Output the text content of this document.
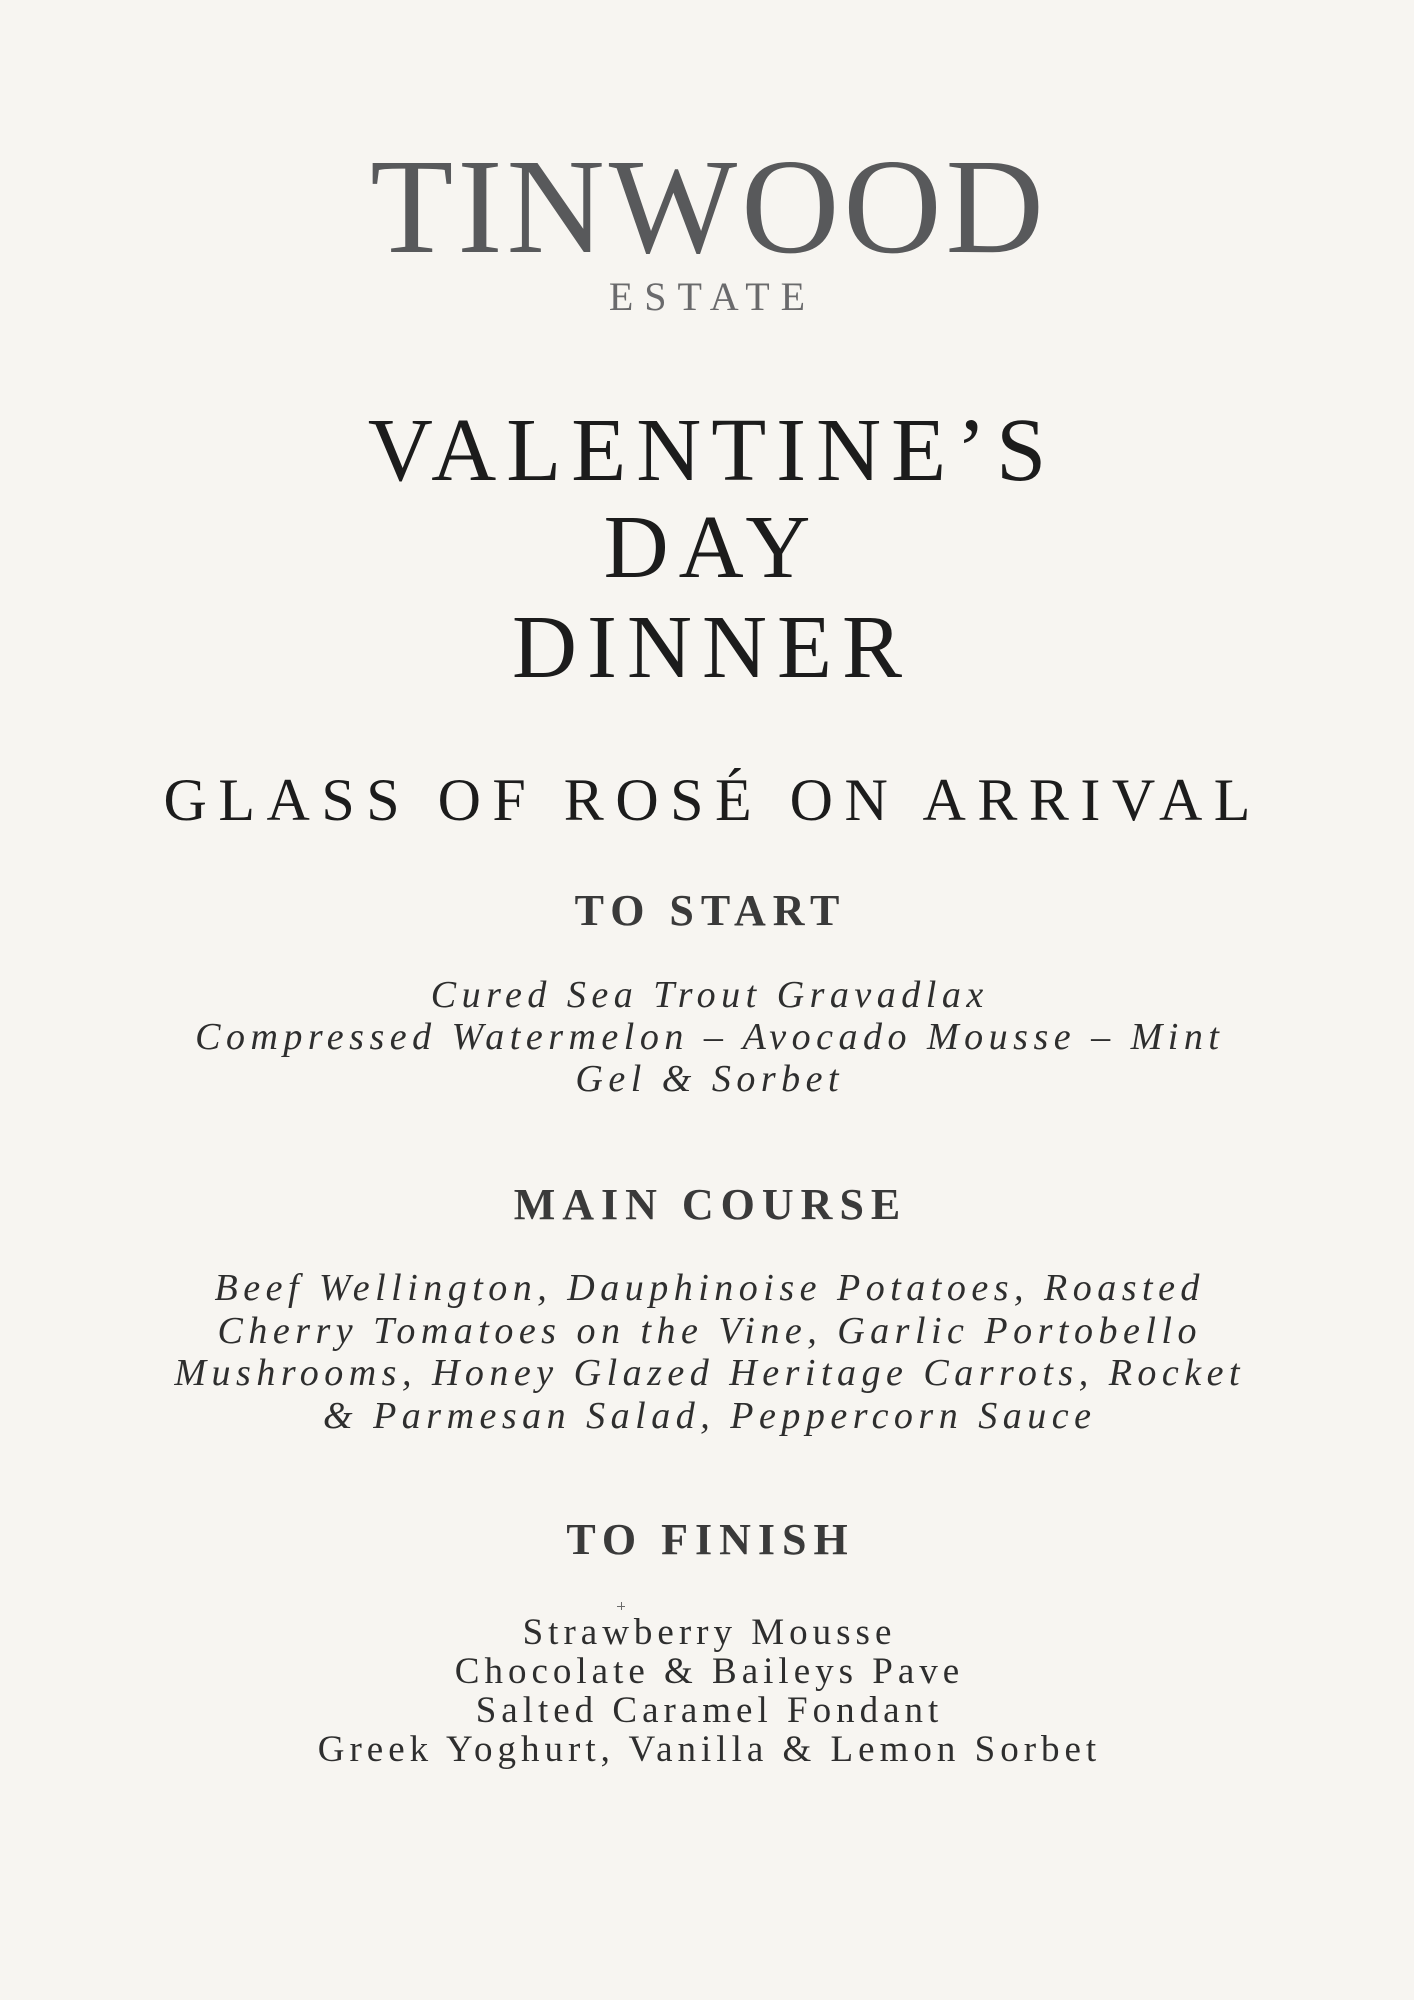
TINWOOD
ESTATE
VALENTINE’S
DAY
DINNER
GLASS OF ROSÉ ON ARRIVAL
TO START
Cured Sea Trout Gravadlax
Compressed Watermelon – Avocado Mousse – Mint
Gel & Sorbet
MAIN COURSE
Beef Wellington, Dauphinoise Potatoes, Roasted
Cherry Tomatoes on the Vine, Garlic Portobello
Mushrooms, Honey Glazed Heritage Carrots, Rocket
& Parmesan Salad, Peppercorn Sauce
TO FINISH
Strawberry Mousse
Chocolate & Baileys Pave
Salted Caramel Fondant
Greek Yoghurt, Vanilla & Lemon Sorbet
